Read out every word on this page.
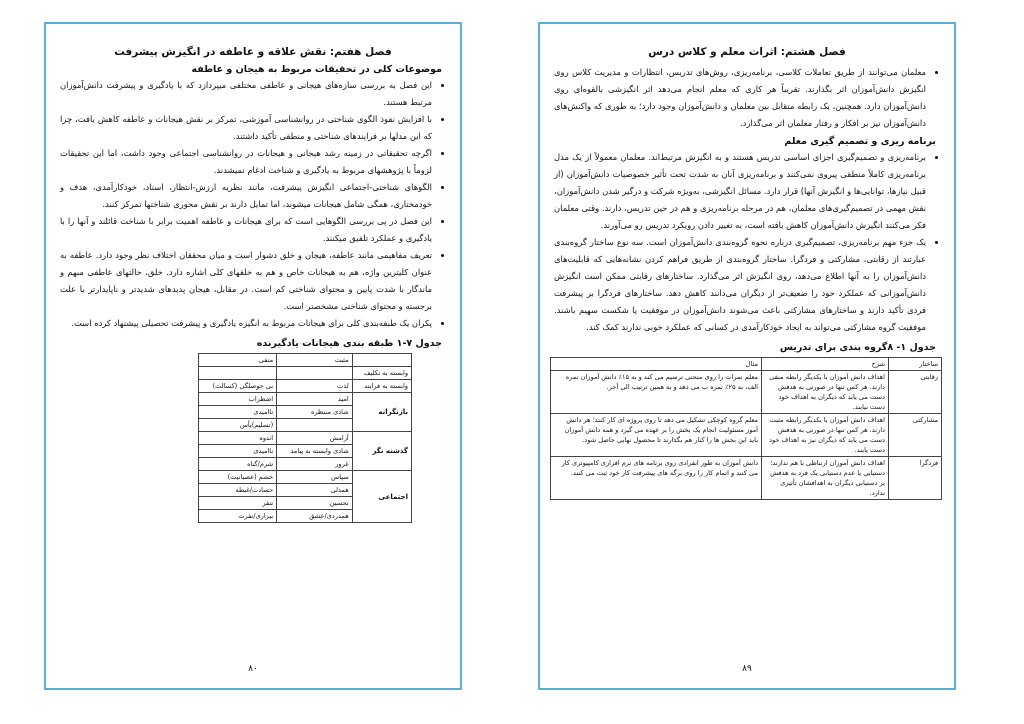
فصل هفتم: نقش علاقه و عاطفه در انگیزش پیشرفت
موضوعات کلی در تحقیقات مربوط به هیجان و عاطفه
• این فصل به بررسی سازه‌های هیجانی و عاطفی مختلفی میپردازد که با یادگیری و پیشرفت دانش‌آموزان مرتبط هستند.
• با افزایش نفوذ الگوی شناختی در روانشناسی آموزشی، تمرکز بر نقش هیجانات و عاطفه کاهش یافت، چرا که این مدلها بر فرایندهای شناختی و منطقی تأکید داشتند.
• اگرچه تحقیقاتی در زمینه رشد هیجانی و هیجانات در روانشناسی اجتماعی وجود داشت، اما این تحقیقات لزوماً با پژوهشهای مربوط به یادگیری و شناخت ادغام نمیشدند.
• الگوهای شناختی-اجتماعی انگیزش پیشرفت، مانند نظریه ارزش-انتظار، اسناد، خودکارآمدی، هدف و خودمختاری، همگی شامل هیجانات میشوند، اما تمایل دارند بر نقش محوری شناختها تمرکز کنند.
• این فصل در پی بررسی الگوهایی است که برای هیجانات و عاطفه اهمیت برابر با شناخت قائلند و آنها را با یادگیری و عملکرد تلفیق میکنند.
• تعریف مفاهیمی مانند عاطفه، هیجان و خلق دشوار است و میان محققان اختلاف نظر وجود دارد. عاطفه به عنوان کلیترین واژه، هم به هیجانات خاص و هم به خلقهای کلی اشاره دارد. خلق، حالتهای عاطفی مبهم و ماندگار با شدت پایین و محتوای شناختی کم است. در مقابل، هیجان پدیدهای شدیدتر و ناپایدارتر با علت برجسته و محتوای شناختی مشخصتر است.
• پکران یک طبقه‌بندی کلی برای هیجانات مربوط به انگیزه یادگیری و پیشرفت تحصیلی پیشنهاد کرده است.
جدول ۷-۱ طبقه بندی هیجانات یادگیرنده
	مثبت	منفی
وابسته به تکلیف		
وابسته به فرایند	لذت	بی حوصلگی (کسالت)
بازنگرانه	امید	اضطراب
	شادی منتظره	ناامیدی
		(تسلیم)یأس
گذشته نگر	آرامش	اندوه
	شادی وابسته به پیامد	ناامیدی
	غرور	شرم/گناه
اجتماعی	سپاس	خشم (عصبانیت)
	همدلی	حسادت/غبطه
	تحسین	تنفر
	همدردی/عشق	بیزاری/نفرت
۸۰
فصل هشتم: اثرات معلم و کلاس درس
• معلمان می‌توانند از طریق تعاملات کلاسی، برنامه‌ریزی، روش‌های تدریس، انتظارات و مدیریت کلاس روی انگیزش دانش‌آموزان اثر بگذارند. تقریباً هر کاری که معلم انجام می‌دهد اثر انگیزشی بالقوه‌ای روی دانش‌آموزان دارد. همچنین، یک رابطه متقابل بین معلمان و دانش‌آموزان وجود دارد؛ به طوری که واکنش‌های دانش‌آموزان نیز بر افکار و رفتار معلمان اثر می‌گذارد.
برنامه ریزی و تصمیم گیری معلم
• برنامه‌ریزی و تصمیم‌گیری اجزای اساسی تدریس هستند و به انگیزش مرتبط‌اند. معلمان معمولاً از یک مدل برنامه‌ریزی کاملاً منطقی پیروی نمی‌کنند و برنامه‌ریزی آنان به شدت تحت تأثیر خصوصیات دانش‌آموزان (از قبیل نیازها، توانایی‌ها و انگیزش آنها) قرار دارد. مسائل انگیزشی، به‌ویژه شرکت و درگیر شدن دانش‌آموزان، نقش مهمی در تصمیم‌گیری‌های معلمان، هم در مرحله برنامه‌ریزی و هم در حین تدریس، دارند. وقتی معلمان فکر می‌کنند انگیزش دانش‌آموزان کاهش یافته است، به تغییر دادن رویکرد تدریس رو می‌آورند.
• یک جزء مهم برنامه‌ریزی، تصمیم‌گیری درباره نحوه گروه‌بندی دانش‌آموزان است. سه نوع ساختار گروه‌بندی عبارتند از رقابتی، مشارکتی و فردگرا. ساختار گروه‌بندی از طریق فراهم کردن نشانه‌هایی که قابلیت‌های دانش‌آموزان را به آنها اطلاع می‌دهد، روی انگیزش اثر می‌گذارد. ساختارهای رقابتی ممکن است انگیزش دانش‌آموزانی که عملکرد خود را ضعیف‌تر از دیگران می‌دانند کاهش دهد. ساختارهای فردگرا بر پیشرفت فردی تأکید دارند و ساختارهای مشارکتی باعث می‌شوند دانش‌آموزان در موفقیت یا شکست سهیم باشند. موفقیت گروه مشارکتی می‌تواند به ایجاد خودکارآمدی در کسانی که عملکرد خوبی ندارند کمک کند.
جدول ۱- ۸گروه بندی برای تدریس
ساختار	شرح	مثال
رقابتی	اهداف دانش آموزان با یکدیگر رابطه منفی دارند. هر کس تنها در صورتی به هدفش دست می یابد که دیگران به اهداف خود دست نیابند.	معلم نمرات را روی منحنی ترسیم می کند و به ۱۵٪ دانش آموزان نمره الف، به ۲۵٪ نمره ب می دهد و به همین ترتیب الی آخر.
مشارکتی	اهداف دانش آموزان با یکدیگر رابطه مثبت دارند. هر کس تنها در صورتی به هدفش دست می یابد که دیگران نیز به اهداف خود دست یابند.	معلم گروه کوچکی تشکیل می دهد تا روی پروژه ای کار کنند؛ هر دانش آموز مسئولیت انجام یک بخش را بر عهده می گیرد و همه دانش آموزان باید این بخش ها را کنار هم بگذارند تا محصول نهایی حاصل شود.
فردگرا	اهداف دانش آموزان ارتباطی با هم ندارند؛ دستیابی یا عدم دستیابی یک فرد به هدفش بر دستیابی دیگران به اهدافشان تأثیری ندارد.	دانش آموزان به طور انفرادی روی برنامه های نرم افزاری کامپیوتری کار می کنند و اتمام کار را روی برگه های پیشرفت کار خود ثبت می کنند.
۸۹
